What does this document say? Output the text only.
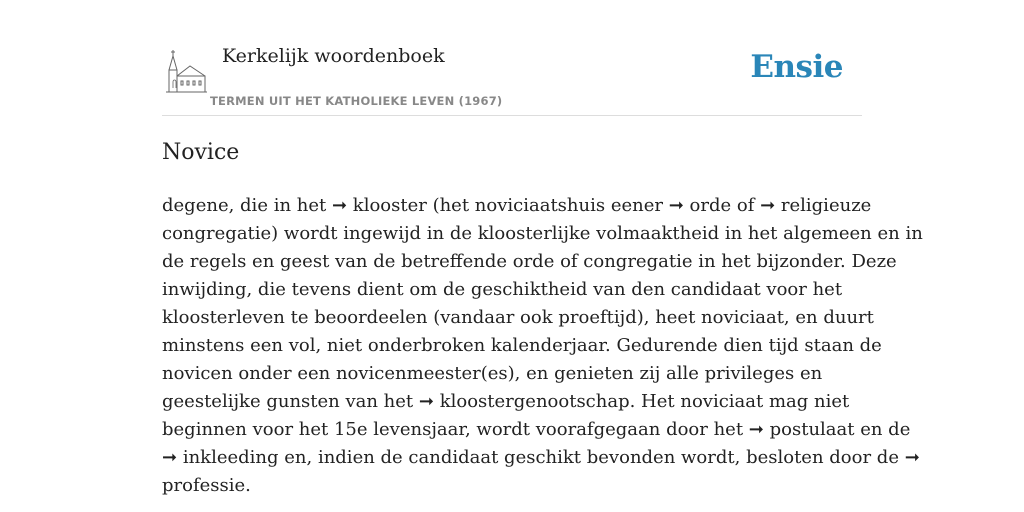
Kerkelijk woordenboek
TERMEN UIT HET KATHOLIEKE LEVEN (1967)
Ensie
Novice

degene, die in het ➞ klooster (het noviciaatshuis eener ➞ orde of ➞ religieuze
congregatie) wordt ingewijd in de kloosterlijke volmaaktheid in het algemeen en in
de regels en geest van de betreffende orde of congregatie in het bijzonder. Deze
inwijding, die tevens dient om de geschiktheid van den candidaat voor het
kloosterleven te beoordeelen (vandaar ook proeftijd), heet noviciaat, en duurt
minstens een vol, niet onderbroken kalenderjaar. Gedurende dien tijd staan de
novicen onder een novicenmeester(es), en genieten zij alle privileges en
geestelijke gunsten van het ➞ kloostergenootschap. Het noviciaat mag niet
beginnen voor het 15e levensjaar, wordt voorafgegaan door het ➞ postulaat en de
➞ inkleeding en, indien de candidaat geschikt bevonden wordt, besloten door de ➞
professie.
